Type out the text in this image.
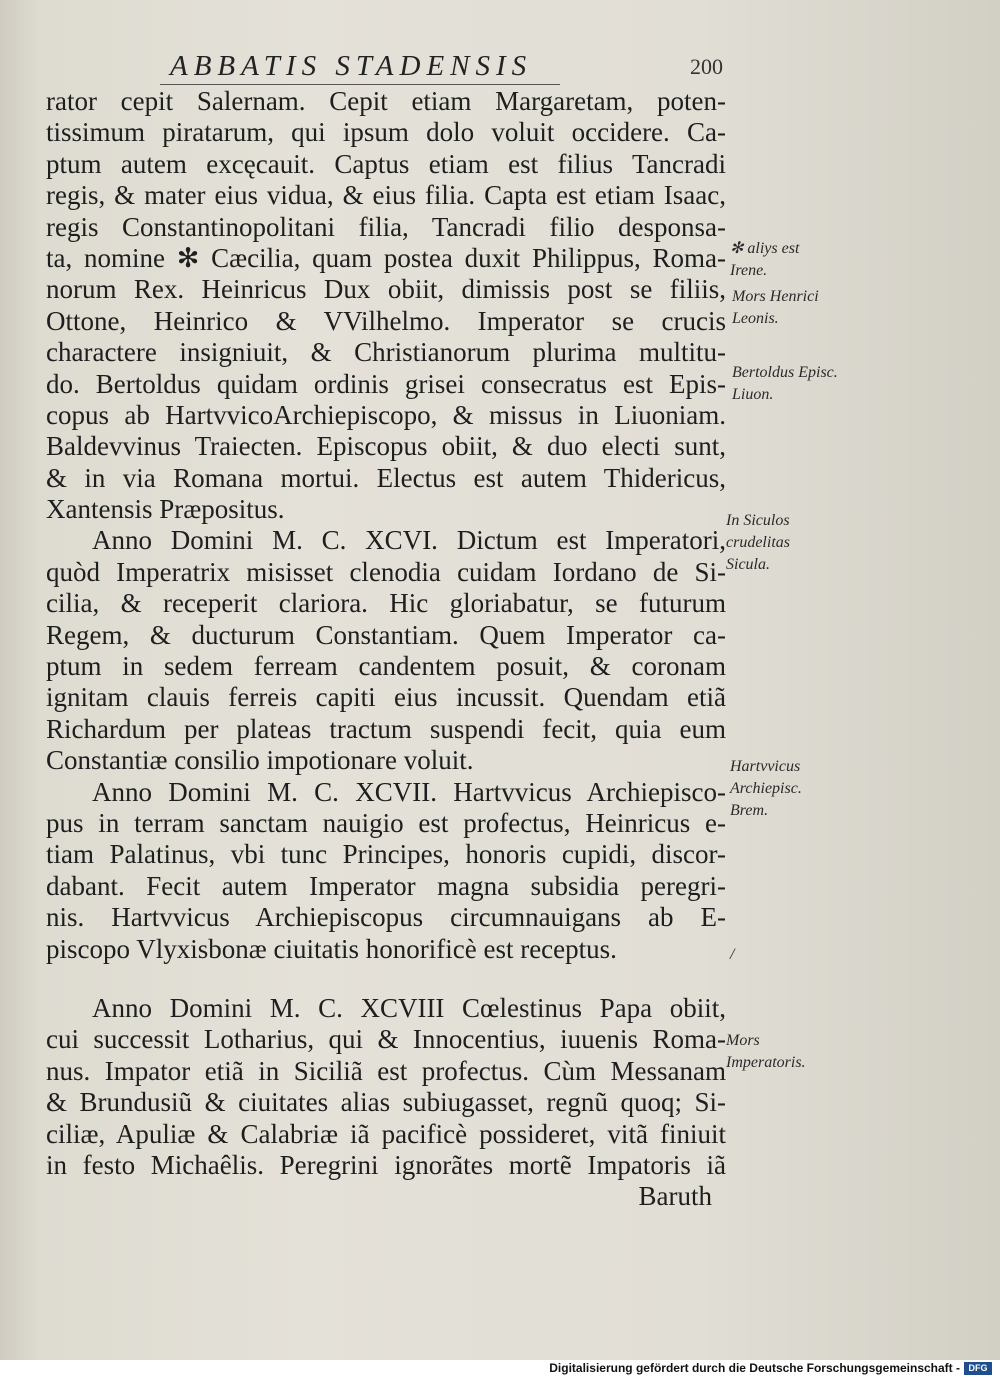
ABBATIS STADENSIS	200
rator cepit Salernam. Cepit etiam Margaretam, poten-
tissimum piratarum, qui ipsum dolo voluit occidere. Ca-
ptum autem excęcauit. Captus etiam est filius Tancradi
regis, & mater eius vidua, & eius filia. Capta est etiam Isaac,
regis Constantinopolitani filia, Tancradi filio desponsa-
ta, nomine ✻ Cæcilia, quam postea duxit Philippus, Roma-
norum Rex. Heinricus Dux obiit, dimissis post se filiis,
Ottone, Heinrico & VVilhelmo. Imperator se crucis
charactere insigniuit, & Christianorum plurima multitu-
do. Bertoldus quidam ordinis grisei consecratus est Epis-
copus ab HartvvicoArchiepiscopo, & missus in Liuoniam.
Baldevvinus Traiecten. Episcopus obiit, & duo electi sunt,
& in via Romana mortui. Electus est autem Thidericus,
Xantensis Præpositus.
Anno Domini M. C. XCVI. Dictum est Imperatori,
quòd Imperatrix misisset clenodia cuidam Iordano de Si-
cilia, & receperit clariora. Hic gloriabatur, se futurum
Regem, & ducturum Constantiam. Quem Imperator ca-
ptum in sedem ferream candentem posuit, & coronam
ignitam clauis ferreis capiti eius incussit. Quendam etiã
Richardum per plateas tractum suspendi fecit, quia eum
Constantiæ consilio impotionare voluit.
Anno Domini M. C. XCVII. Hartvvicus Archiepisco-
pus in terram sanctam nauigio est profectus, Heinricus e-
tiam Palatinus, vbi tunc Principes, honoris cupidi, discor-
dabant. Fecit autem Imperator magna subsidia peregri-
nis. Hartvvicus Archiepiscopus circumnauigans ab E-
piscopo Vlyxisbonæ ciuitatis honorificè est receptus.
Anno Domini M. C. XCVIII Cœlestinus Papa obiit,
cui successit Lotharius, qui & Innocentius, iuuenis Roma-
nus. Impator etiã in Siciliã est profectus. Cùm Messanam
& Brundusiũ & ciuitates alias subiugasset, regnũ quoq; Si-
ciliæ, Apuliæ & Calabriæ iã pacificè possideret, vitã finiuit
in festo Michaêlis. Peregrini ignorãtes mortẽ Impatoris iã
Baruth
✻ aliys est Irene.
Mors Henrici Leonis.
Bertoldus Episc. Liuon.
In Siculos crudelitas Sicula.
Hartvvicus Archiepisc. Brem.
/
Mors Imperatoris.
Digitalisierung gefördert durch die Deutsche Forschungsgemeinschaft - DFG
